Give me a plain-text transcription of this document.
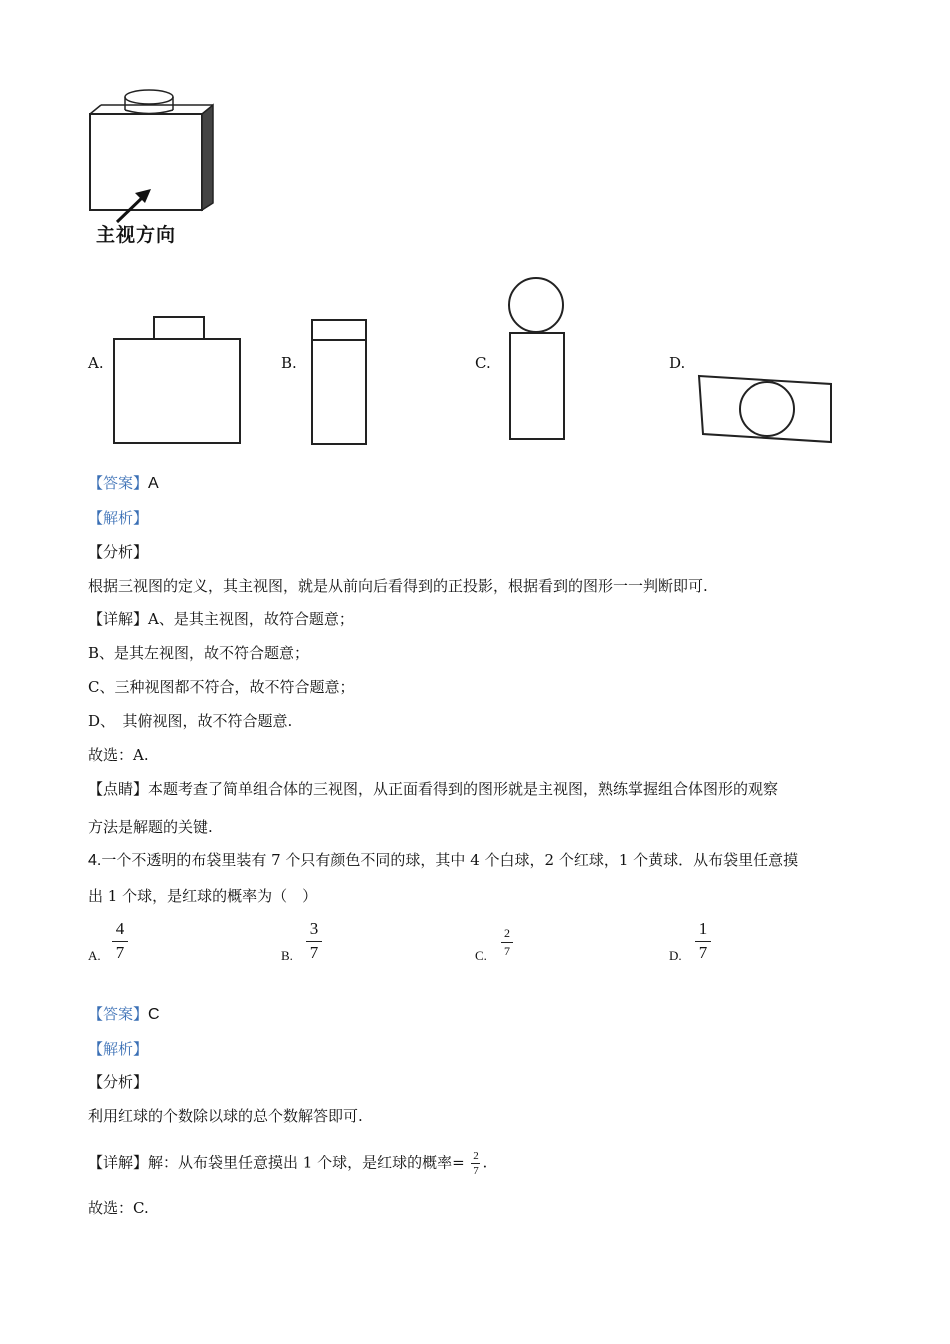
主视方向
A.	B.	C.	D.
【答案】A
【解析】
【分析】
根据三视图的定义，其主视图，就是从前向后看得到的正投影，根据看到的图形一一判断即可.
【详解】A、是其主视图，故符合题意；
B、是其左视图，故不符合题意；
C、三种视图都不符合，故不符合题意；
D、　其俯视图，故不符合题意.
故选：A.
【点睛】本题考查了简单组合体的三视图，从正面看得到的图形就是主视图，熟练掌握组合体图形的观察
方法是解题的关键.
4.一个不透明的布袋里装有 7 个只有颜色不同的球，其中 4 个白球，2 个红球，1 个黄球．从布袋里任意摸
出 1 个球，是红球的概率为（　）
A.
4
7	B.
3
7	C.
2
7	D.
1
7
【答案】C
【解析】
【分析】
利用红球的个数除以球的总个数解答即可.
【详解】解：从布袋里任意摸出 1 个球，是红球的概率= $\frac{2}{7}$ .
故选：C.
